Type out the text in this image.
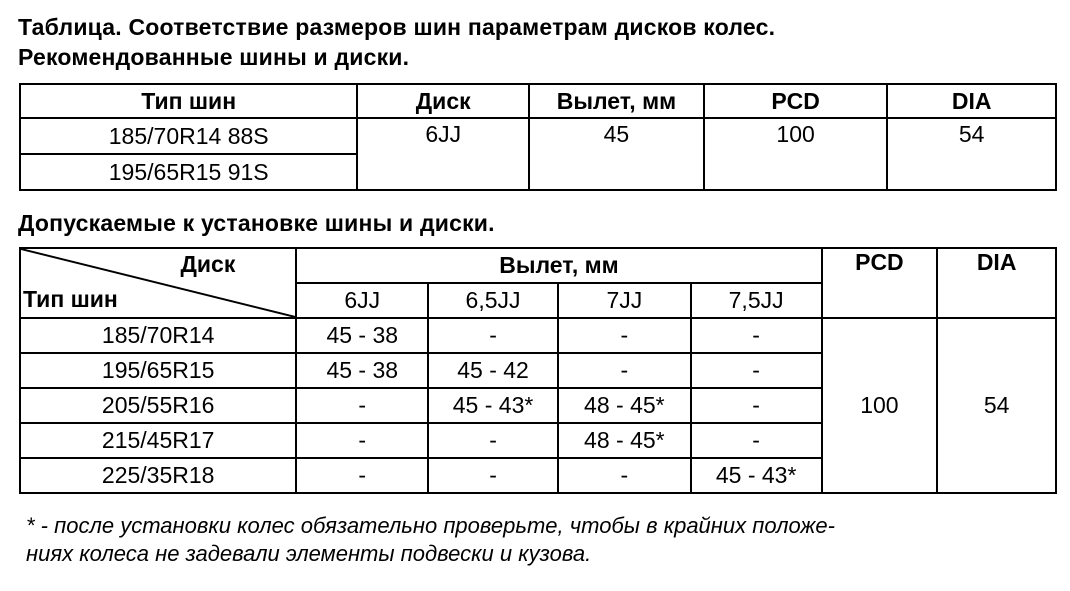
Таблица. Соответствие размеров шин параметрам дисков колес.
Рекомендованные шины и диски.
Тип шин	Диск	Вылет, мм	PCD	DIA
185/70R14 88S	6JJ	45	100	54
195/65R15 91S				
Допускаемые к установке шины и диски.
Диск
Тип шин	Вылет, мм				PCD	DIA
	6JJ	6,5JJ	7JJ	7,5JJ		
185/70R14	45 - 38	-	-	-	100	54
195/65R15	45 - 38	45 - 42	-	-		
205/55R16	-	45 - 43*	48 - 45*	-		
215/45R17	-	-	48 - 45*	-		
225/35R18	-	-	-	45 - 43*		
* - после установки колес обязательно проверьте, чтобы в крайних положе-
ниях колеса не задевали элементы подвески и кузова.
